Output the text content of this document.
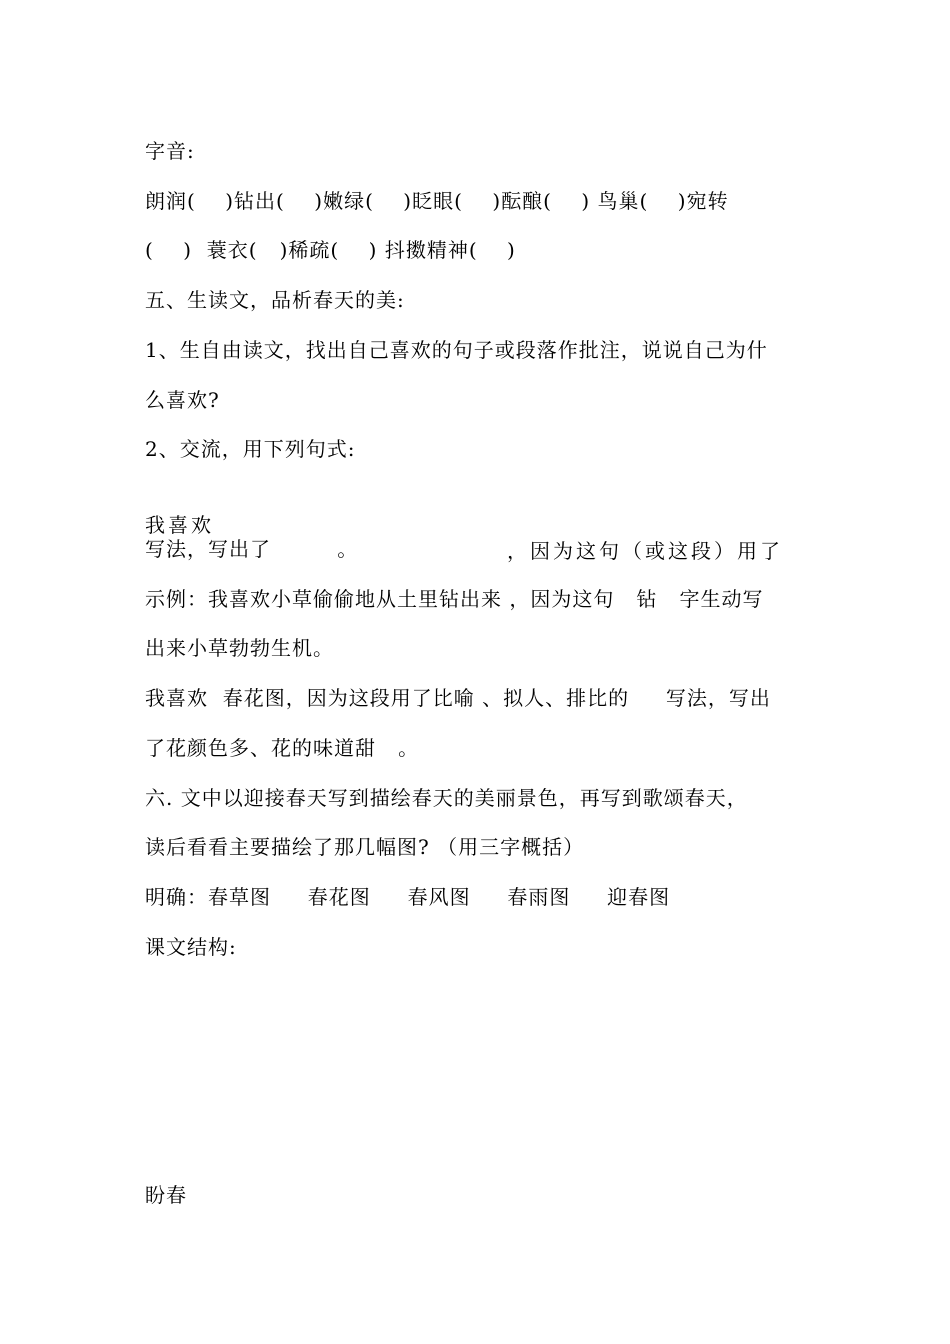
字音:
朗润(    )钻出(    )嫩绿(    )眨眼(    )酝酿(    ) 鸟巢(    )宛转
(    )  蓑衣(   )稀疏(    ) 抖擞精神(    )
五、生读文，品析春天的美:
1、生自由读文，找出自己喜欢的句子或段落作批注，说说自己为什
么喜欢?
2、交流，用下列句式:

我喜欢

，因为这句（或这段）用了

写法，写出了         。
示例：我喜欢小草偷偷地从土里钻出来 ，因为这句   钻   字生动写
出来小草勃勃生机。
我喜欢  春花图，因为这段用了比喻 、拟人、排比的     写法，写出
了花颜色多、花的味道甜   。
六. 文中以迎接春天写到描绘春天的美丽景色，再写到歌颂春天，
读后看看主要描绘了那几幅图? （用三字概括）
明确：春草图     春花图     春风图     春雨图     迎春图
课文结构:
盼春
